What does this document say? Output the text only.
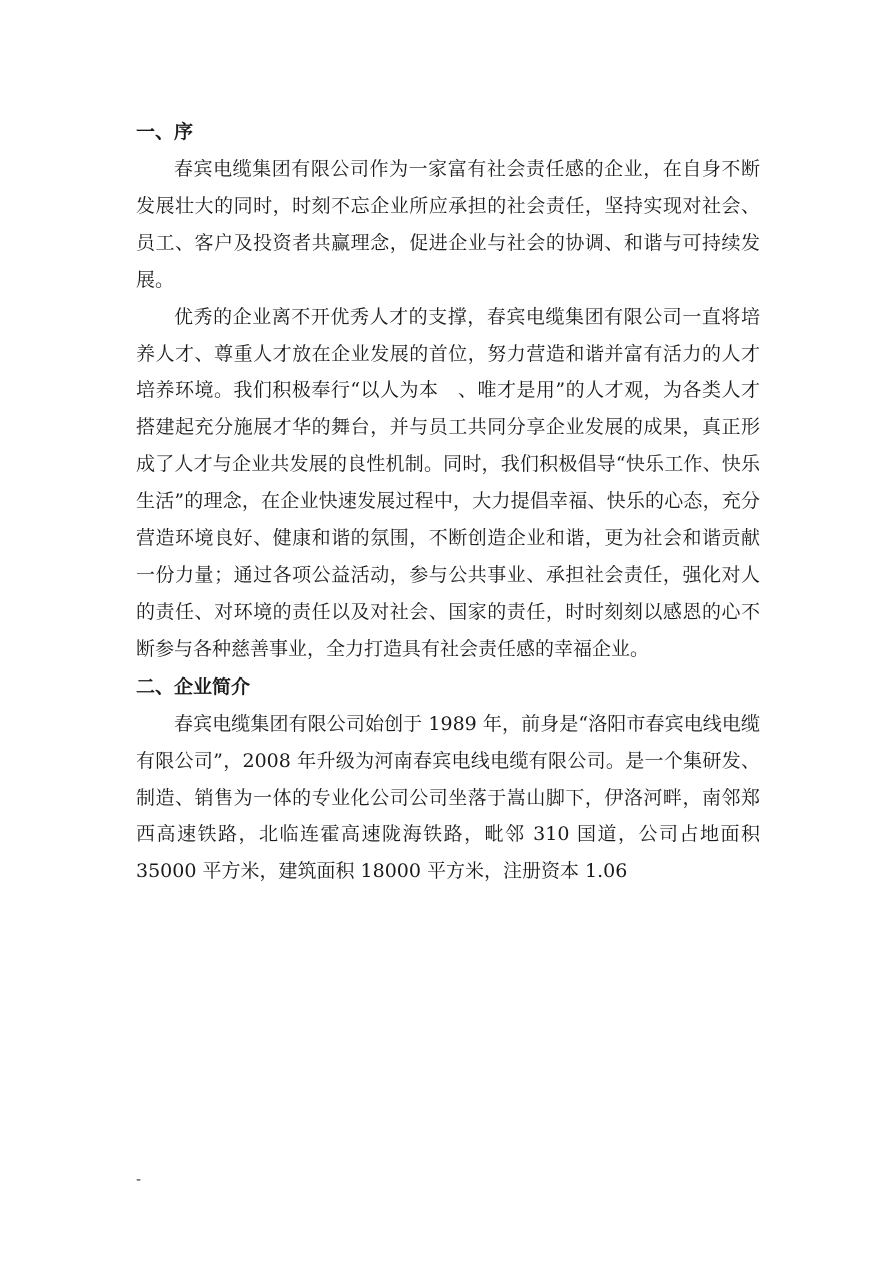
一、序

春宾电缆集团有限公司作为一家富有社会责任感的企业，在自身不断发展壮大的同时，时刻不忘企业所应承担的社会责任，坚持实现对社会、员工、客户及投资者共赢理念，促进企业与社会的协调、和谐与可持续发展。

优秀的企业离不开优秀人才的支撑，春宾电缆集团有限公司一直将培养人才、尊重人才放在企业发展的首位，努力营造和谐并富有活力的人才培养环境。我们积极奉行“以人为本　、唯才是用”的人才观，为各类人才搭建起充分施展才华的舞台，并与员工共同分享企业发展的成果，真正形成了人才与企业共发展的良性机制。同时，我们积极倡导“快乐工作、快乐生活”的理念，在企业快速发展过程中，大力提倡幸福、快乐的心态，充分营造环境良好、健康和谐的氛围，不断创造企业和谐，更为社会和谐贡献一份力量；通过各项公益活动，参与公共事业、承担社会责任，强化对人的责任、对环境的责任以及对社会、国家的责任，时时刻刻以感恩的心不断参与各种慈善事业，全力打造具有社会责任感的幸福企业。

二、企业简介

春宾电缆集团有限公司始创于 1989 年，前身是“洛阳市春宾电线电缆有限公司”，2008 年升级为河南春宾电线电缆有限公司。是一个集研发、制造、销售为一体的专业化公司公司坐落于嵩山脚下，伊洛河畔，南邻郑西高速铁路，北临连霍高速陇海铁路，毗邻 310 国道，公司占地面积 35000 平方米，建筑面积 18000 平方米，注册资本 1.06

-
